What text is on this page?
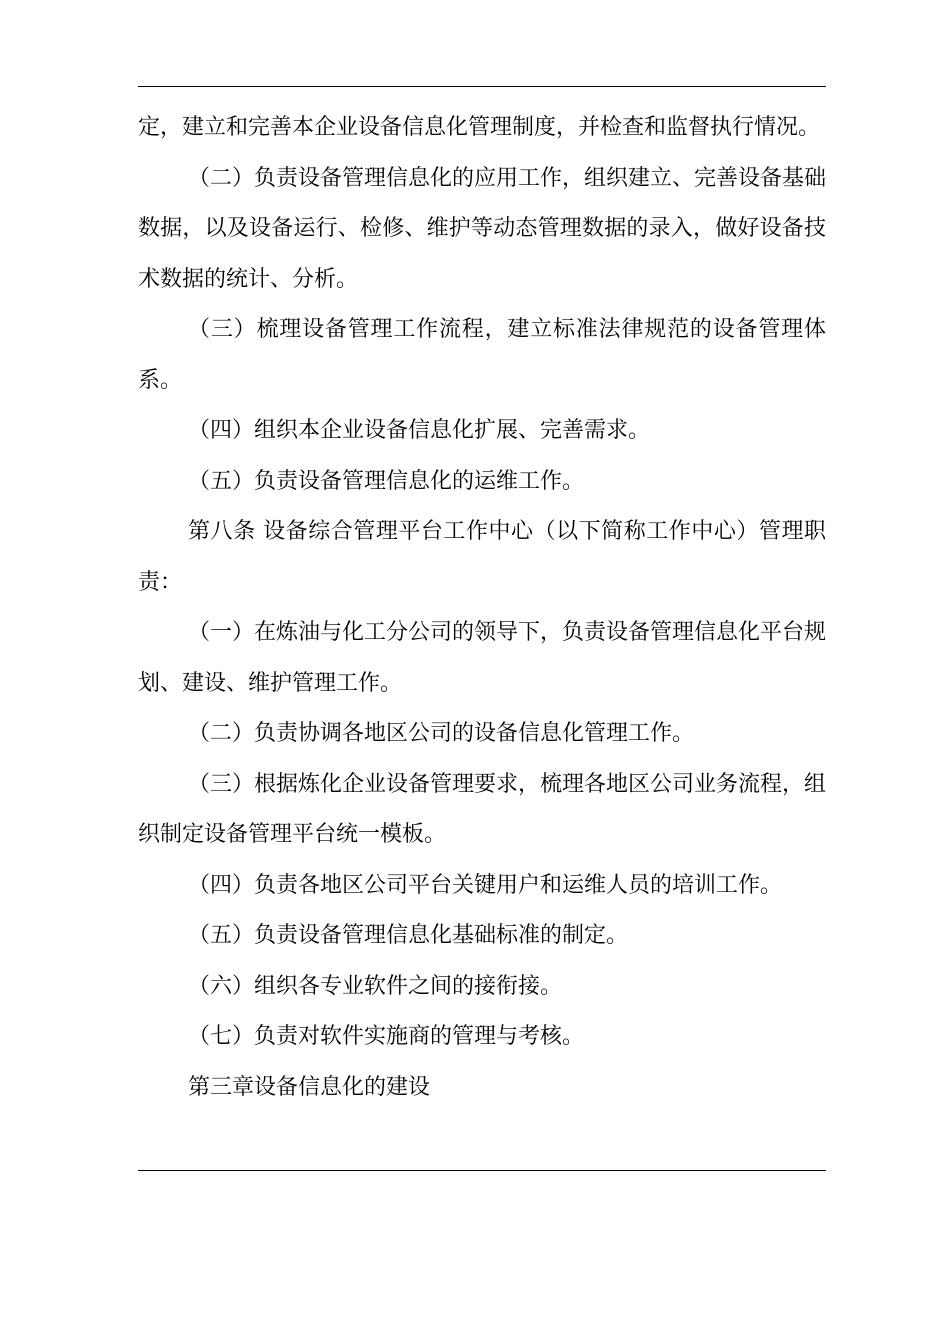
定，建立和完善本企业设备信息化管理制度，并检查和监督执行情况。

（二）负责设备管理信息化的应用工作，组织建立、完善设备基础数据，以及设备运行、检修、维护等动态管理数据的录入，做好设备技术数据的统计、分析。

（三）梳理设备管理工作流程，建立标准法律规范的设备管理体系。

（四）组织本企业设备信息化扩展、完善需求。

（五）负责设备管理信息化的运维工作。

第八条 设备综合管理平台工作中心（以下简称工作中心）管理职责：

（一）在炼油与化工分公司的领导下，负责设备管理信息化平台规划、建设、维护管理工作。

（二）负责协调各地区公司的设备信息化管理工作。

（三）根据炼化企业设备管理要求，梳理各地区公司业务流程，组织制定设备管理平台统一模板。

（四）负责各地区公司平台关键用户和运维人员的培训工作。

（五）负责设备管理信息化基础标准的制定。

（六）组织各专业软件之间的接衔接。

（七）负责对软件实施商的管理与考核。

第三章设备信息化的建设
